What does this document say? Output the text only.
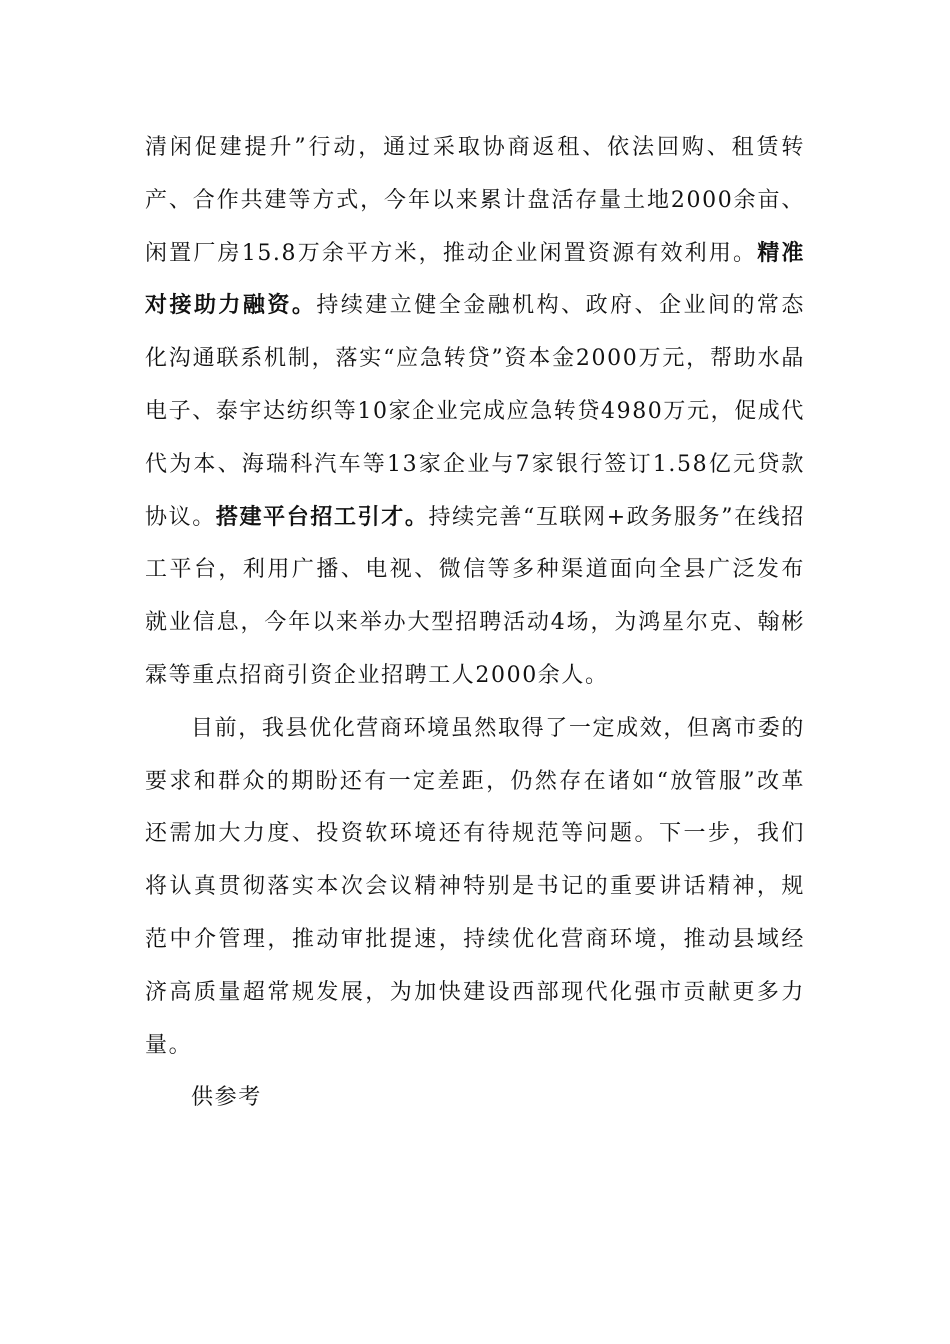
清闲促建提升”行动，通过采取协商返租、依法回购、租赁转产、合作共建等方式，今年以来累计盘活存量土地2000余亩、闲置厂房15.8万余平方米，推动企业闲置资源有效利用。精准对接助力融资。持续建立健全金融机构、政府、企业间的常态化沟通联系机制，落实“应急转贷”资本金2000万元，帮助水晶电子、泰宇达纺织等10家企业完成应急转贷4980万元，促成代代为本、海瑞科汽车等13家企业与7家银行签订1.58亿元贷款协议。搭建平台招工引才。持续完善“互联网+政务服务”在线招工平台，利用广播、电视、微信等多种渠道面向全县广泛发布就业信息，今年以来举办大型招聘活动4场，为鸿星尔克、翰彬霖等重点招商引资企业招聘工人2000余人。

目前，我县优化营商环境虽然取得了一定成效，但离市委的要求和群众的期盼还有一定差距，仍然存在诸如“放管服”改革还需加大力度、投资软环境还有待规范等问题。下一步，我们将认真贯彻落实本次会议精神特别是书记的重要讲话精神，规范中介管理，推动审批提速，持续优化营商环境，推动县域经济高质量超常规发展，为加快建设西部现代化强市贡献更多力量。

供参考
